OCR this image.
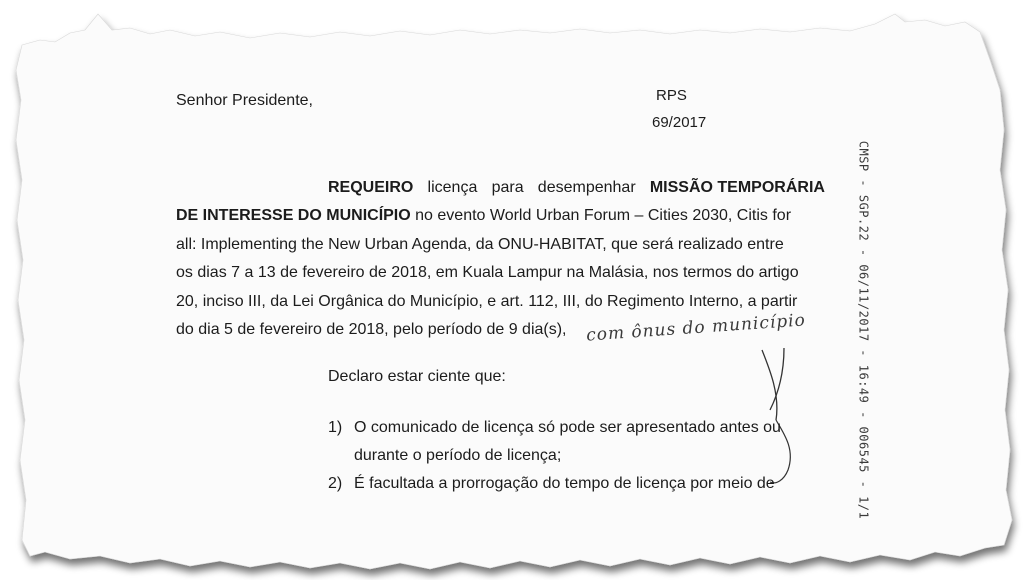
Senhor Presidente,	RPS
69/2017
REQUEIRO licença para desempenhar MISSÃO TEMPORÁRIA
DE INTERESSE DO MUNICÍPIO no evento World Urban Forum – Cities 2030, Citis for
all: Implementing the New Urban Agenda, da ONU-HABITAT, que será realizado entre
os dias 7 a 13 de fevereiro de 2018, em Kuala Lampur na Malásia, nos termos do artigo
20, inciso III, da Lei Orgânica do Município, e art. 112, III, do Regimento Interno, a partir
do dia 5 de fevereiro de 2018, pelo período de 9 dia(s), com ônus do município
Declaro estar ciente que:
1) O comunicado de licença só pode ser apresentado antes ou
durante o período de licença;
2) É facultada a prorrogação do tempo de licença por meio de	CMSP - SGP.22 - 06/11/2017 - 16:49 - 006545 - 1/1
